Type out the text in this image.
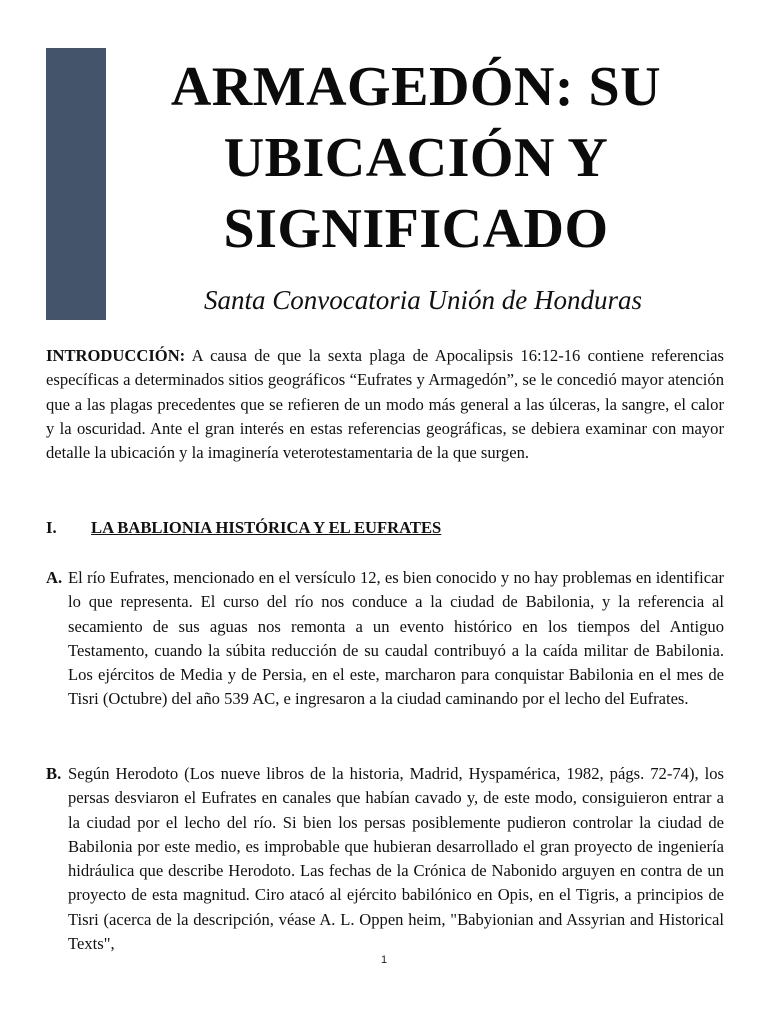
ARMAGEDÓN: SU
UBICACIÓN Y
SIGNIFICADO
Santa Convocatoria Unión de Honduras
INTRODUCCIÓN: A causa de que la sexta plaga de Apocalipsis 16:12-16 contiene referencias específicas a determinados sitios geográficos “Eufrates y Armagedón”, se le concedió mayor atención que a las plagas precedentes que se refieren de un modo más general a las úlceras, la sangre, el calor y la oscuridad. Ante el gran interés en estas referencias geográficas, se debiera examinar con mayor detalle la ubicación y la imaginería veterotestamentaria de la que surgen.
I. LA BABLIONIA HISTÓRICA Y EL EUFRATES
A. El río Eufrates, mencionado en el versículo 12, es bien conocido y no hay problemas en identificar lo que representa. El curso del río nos conduce a la ciudad de Babilonia, y la referencia al secamiento de sus aguas nos remonta a un evento histórico en los tiempos del Antiguo Testamento, cuando la súbita reducción de su caudal contribuyó a la caída militar de Babilonia. Los ejércitos de Media y de Persia, en el este, marcharon para conquistar Babilonia en el mes de Tisri (Octubre) del año 539 AC, e ingresaron a la ciudad caminando por el lecho del Eufrates.
B. Según Herodoto (Los nueve libros de la historia, Madrid, Hyspamérica, 1982, págs. 72-74), los persas desviaron el Eufrates en canales que habían cavado y, de este modo, consiguieron entrar a la ciudad por el lecho del río. Si bien los persas posiblemente pudieron controlar la ciudad de Babilonia por este medio, es improbable que hubieran desarrollado el gran proyecto de ingeniería hidráulica que describe Herodoto. Las fechas de la Crónica de Nabonido arguyen en contra de un proyecto de esta magnitud. Ciro atacó al ejército babilónico en Opis, en el Tigris, a principios de Tisri (acerca de la descripción, véase A. L. Oppen heim, "Babyionian and Assyrian and Historical Texts",
1
